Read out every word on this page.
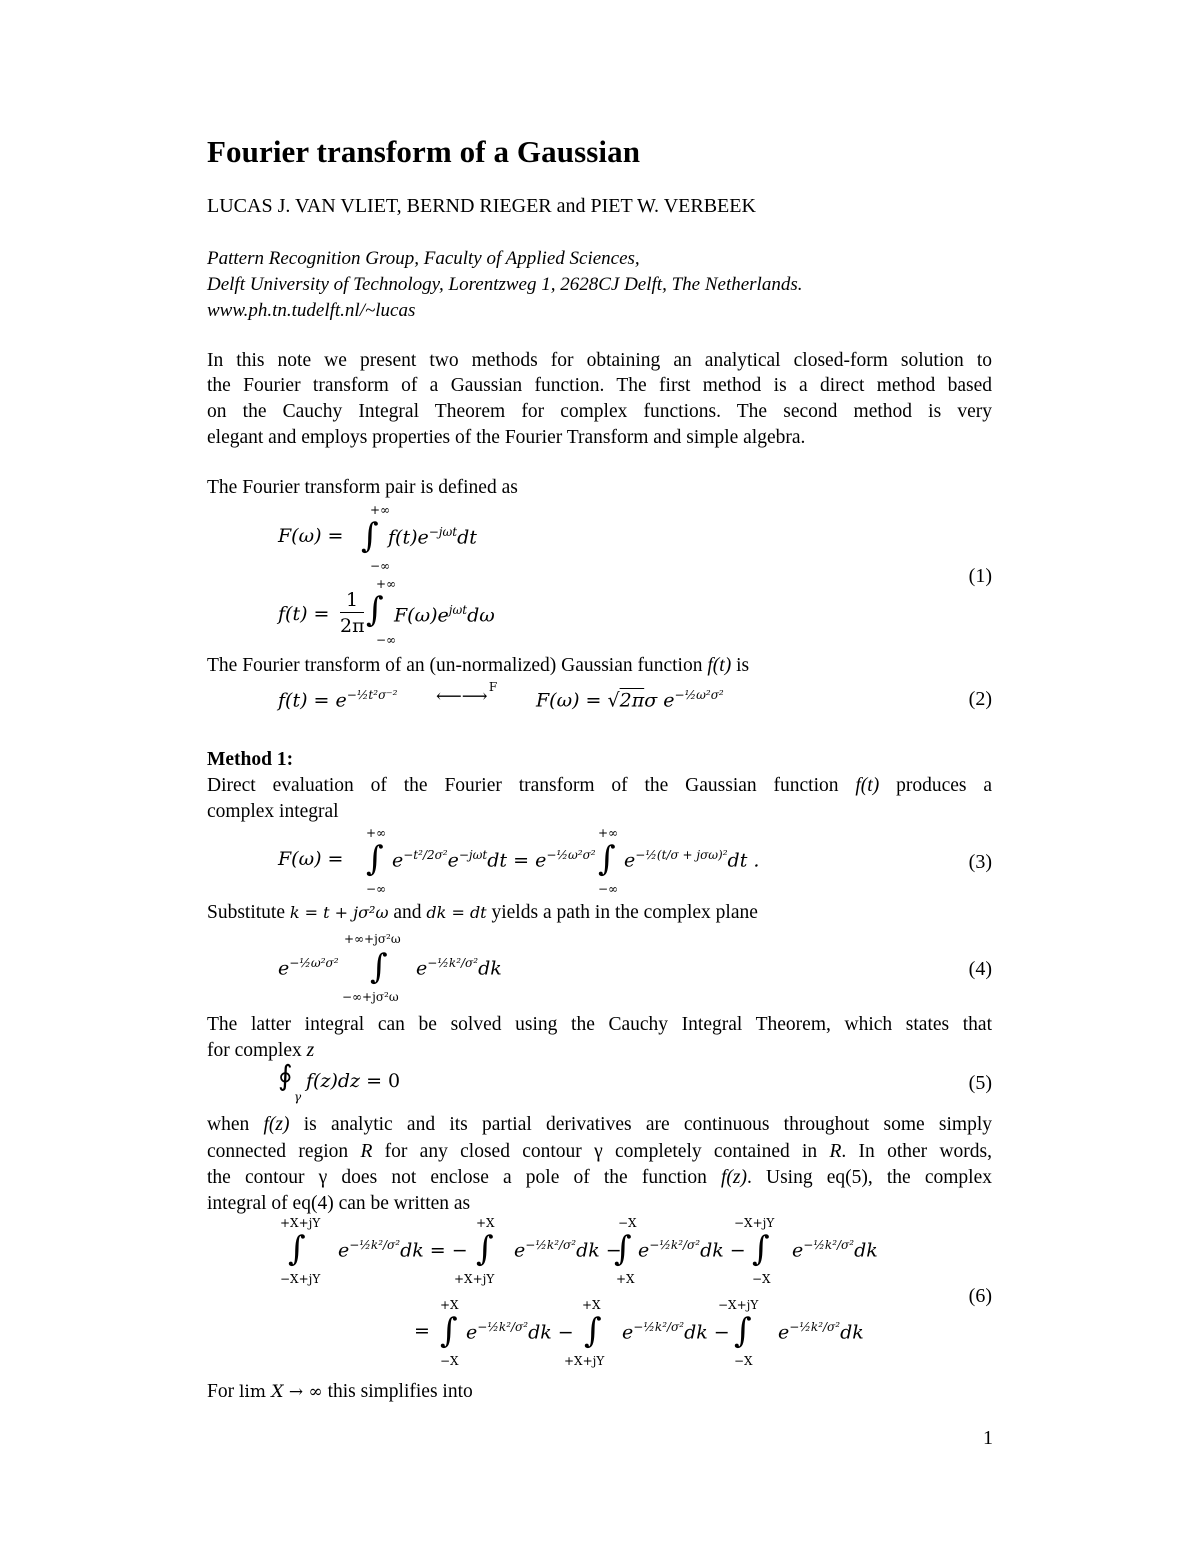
Fourier transform of a Gaussian
LUCAS J. VAN VLIET, BERND RIEGER and PIET W. VERBEEK
Pattern Recognition Group, Faculty of Applied Sciences,
Delft University of Technology, Lorentzweg 1, 2628CJ Delft, The Netherlands.
www.ph.tn.tudelft.nl/~lucas
In this note we present two methods for obtaining an analytical closed-form solution to
the Fourier transform of a Gaussian function. The first method is a direct method based
on the Cauchy Integral Theorem for complex functions. The second method is very
elegant and employs properties of the Fourier Transform and simple algebra.
The Fourier transform pair is defined as
F(ω) =
+∞
∫
−∞
$f(t)e^{-j\omega t}dt$
+∞
f(t) =
1
2π ∫
−∞
$F(\omega)e^{j\omega t}d\omega$
(1)
The Fourier transform of an (un-normalized) Gaussian function f(t) is
$f(t) = e^{-\frac{1}{2}t^2\sigma^{-2}}$
F
⟵⟶	F(ω) = √2πσ $e^{-\frac{1}{2}\omega^2\sigma^2}$	(2)
Method 1:
Direct evaluation of the Fourier transform of the Gaussian function f(t) produces a
complex integral
F(ω) =
+∞
∫
−∞
$e^{-t^2/2\sigma^2}e^{-j\omega t}dt = e^{-\frac{1}{2}\omega^2\sigma^2}$
+∞
∫
−∞
$e^{-\frac{1}{2}(t/\sigma + j\sigma\omega)^2}dt$ .	(3)
Substitute k = t + jσ²ω and dk = dt yields a path in the complex plane
$e^{-\frac{1}{2}\omega^2\sigma^2}$
+∞+jσ²ω
∫
−∞+jσ²ω
$e^{-\frac{1}{2}k^2/\sigma^2}dk$	(4)
The latter integral can be solved using the Cauchy Integral Theorem, which states that
for complex z
∮
γ
f(z)dz = 0	(5)
when f(z) is analytic and its partial derivatives are continuous throughout some simply
connected region R for any closed contour γ completely contained in R. In other words,
the contour γ does not enclose a pole of the function f(z). Using eq(5), the complex
integral of eq(4) can be written as
+X+jY
∫
−X+jY
$e^{-\frac{1}{2}k^2/\sigma^2}dk$ = −
+X
∫
+X+jY
$e^{-\frac{1}{2}k^2/\sigma^2}dk$ −
−X
∫
+X
$e^{-\frac{1}{2}k^2/\sigma^2}dk$ −
−X+jY
∫
−X
$e^{-\frac{1}{2}k^2/\sigma^2}dk$
+X
= ∫
−X
$e^{-\frac{1}{2}k^2/\sigma^2}dk$ −
+X
∫
+X+jY
$e^{-\frac{1}{2}k^2/\sigma^2}dk$ −
−X+jY
∫
−X
$e^{-\frac{1}{2}k^2/\sigma^2}dk$
(6)
For lim X → ∞ this simplifies into
1
